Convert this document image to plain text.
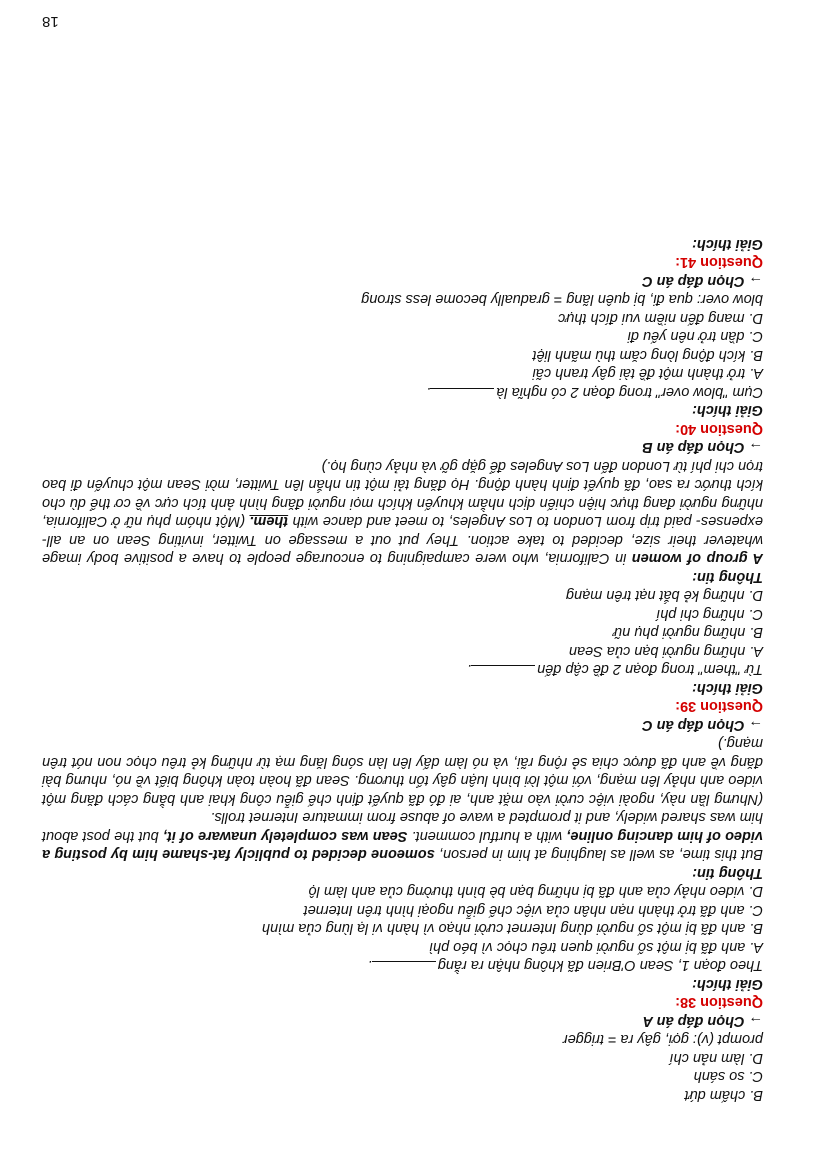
B. chấm dứt
C. so sánh
D. làm nản chí
prompt (v): gợi, gây ra = trigger
→ Chọn đáp án A
Question 38:
Giải thích:
Theo đoạn 1, Sean O'Brien đã không nhận ra rằng.
A. anh đã bị một số người quen trêu chọc vì béo phì
B. anh đã bị một số người dùng Internet cười nhạo vì hành vi lạ lùng của mình
C. anh đã trở thành nạn nhân của việc chế giễu ngoại hình trên Internet
D. video nhảy của anh đã bị những bạn bè bình thường của anh làm lộ
Thông tin:

But this time, as well as laughing at him in person, someone decided to publicly fat-shame him by posting a video of him dancing online, with a hurtful comment. Sean was completely unaware of it, but the post about him was shared widely, and it prompted a wave of abuse from immature Internet trolls.

(Nhưng lần này, ngoài việc cười vào mặt anh, ai đó đã quyết định chế giễu công khai anh bằng cách đăng một video anh nhảy lên mạng, với một lời bình luận gây tổn thương. Sean đã hoàn toàn không biết về nó, nhưng bài đăng về anh đã được chia sẻ rộng rãi, và nó làm dấy lên làn sóng lăng mạ từ những kẻ trêu chọc non nớt trên mạng.)

→ Chọn đáp án C
Question 39:
Giải thích:
Từ "them" trong đoạn 2 đề cập đến.
A. những người bạn của Sean
B. những người phụ nữ
C. những chi phí
D. những kẻ bắt nạt trên mạng
Thông tin:

A group of women in California, who were campaigning to encourage people to have a positive body image whatever their size, decided to take action. They put out a message on Twitter, inviting Sean on an all-expenses- paid trip from London to Los Angeles, to meet and dance with them. (Một nhóm phụ nữ ở California, những người đang thực hiện chiến dịch nhằm khuyến khích mọi người đăng hình ảnh tích cực về cơ thể dù cho kích thước ra sao, đã quyết định hành động. Họ đăng tải một tin nhắn lên Twitter, mời Sean một chuyến đi bao trọn chi phí từ London đến Los Angeles để gặp gỡ và nhảy cùng họ.)

→ Chọn đáp án B
Question 40:
Giải thích:
Cụm "blow over" trong đoạn 2 có nghĩa là.
A. trở thành một đề tài gây tranh cãi
B. kích động lòng căm thù mãnh liệt
C. dần trở nên yếu đi
D. mang đến niềm vui đích thực
blow over: qua đi, bị quên lãng = gradually become less strong
→ Chọn đáp án C
Question 41:
Giải thích:
18
